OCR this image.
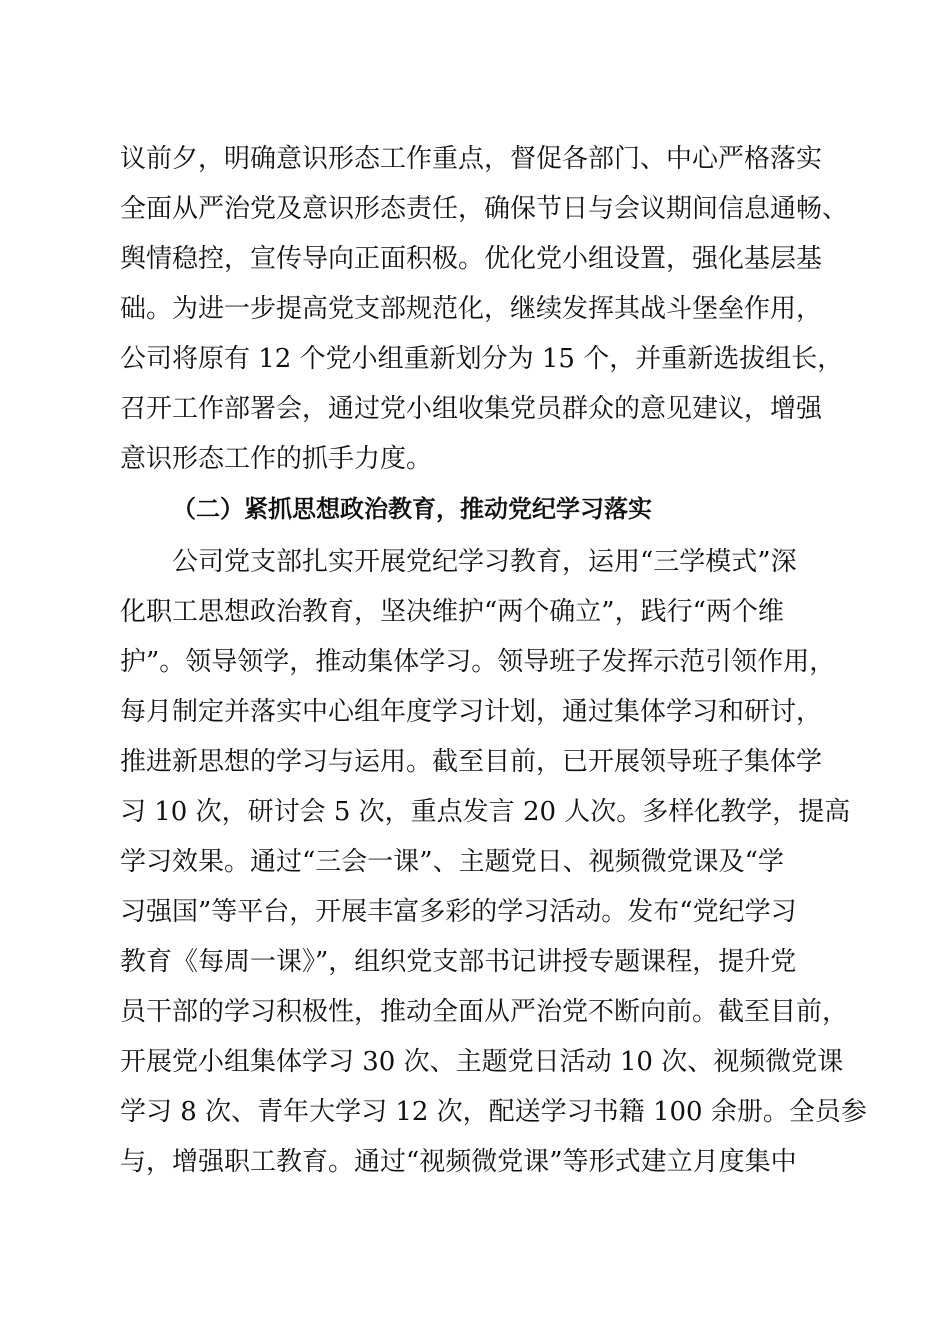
议前夕，明确意识形态工作重点，督促各部门、中心严格落实
全面从严治党及意识形态责任，确保节日与会议期间信息通畅、
舆情稳控，宣传导向正面积极。优化党小组设置，强化基层基
础。为进一步提高党支部规范化，继续发挥其战斗堡垒作用，
公司将原有 12 个党小组重新划分为 15 个，并重新选拔组长，
召开工作部署会，通过党小组收集党员群众的意见建议，增强
意识形态工作的抓手力度。
（二）紧抓思想政治教育，推动党纪学习落实
公司党支部扎实开展党纪学习教育，运用“三学模式”深
化职工思想政治教育，坚决维护“两个确立”，践行“两个维
护”。领导领学，推动集体学习。领导班子发挥示范引领作用，
每月制定并落实中心组年度学习计划，通过集体学习和研讨，
推进新思想的学习与运用。截至目前，已开展领导班子集体学
习 10 次，研讨会 5 次，重点发言 20 人次。多样化教学，提高
学习效果。通过“三会一课”、主题党日、视频微党课及“学
习强国”等平台，开展丰富多彩的学习活动。发布“党纪学习
教育《每周一课》”，组织党支部书记讲授专题课程，提升党
员干部的学习积极性，推动全面从严治党不断向前。截至目前，
开展党小组集体学习 30 次、主题党日活动 10 次、视频微党课
学习 8 次、青年大学习 12 次，配送学习书籍 100 余册。全员参
与，增强职工教育。通过“视频微党课”等形式建立月度集中
